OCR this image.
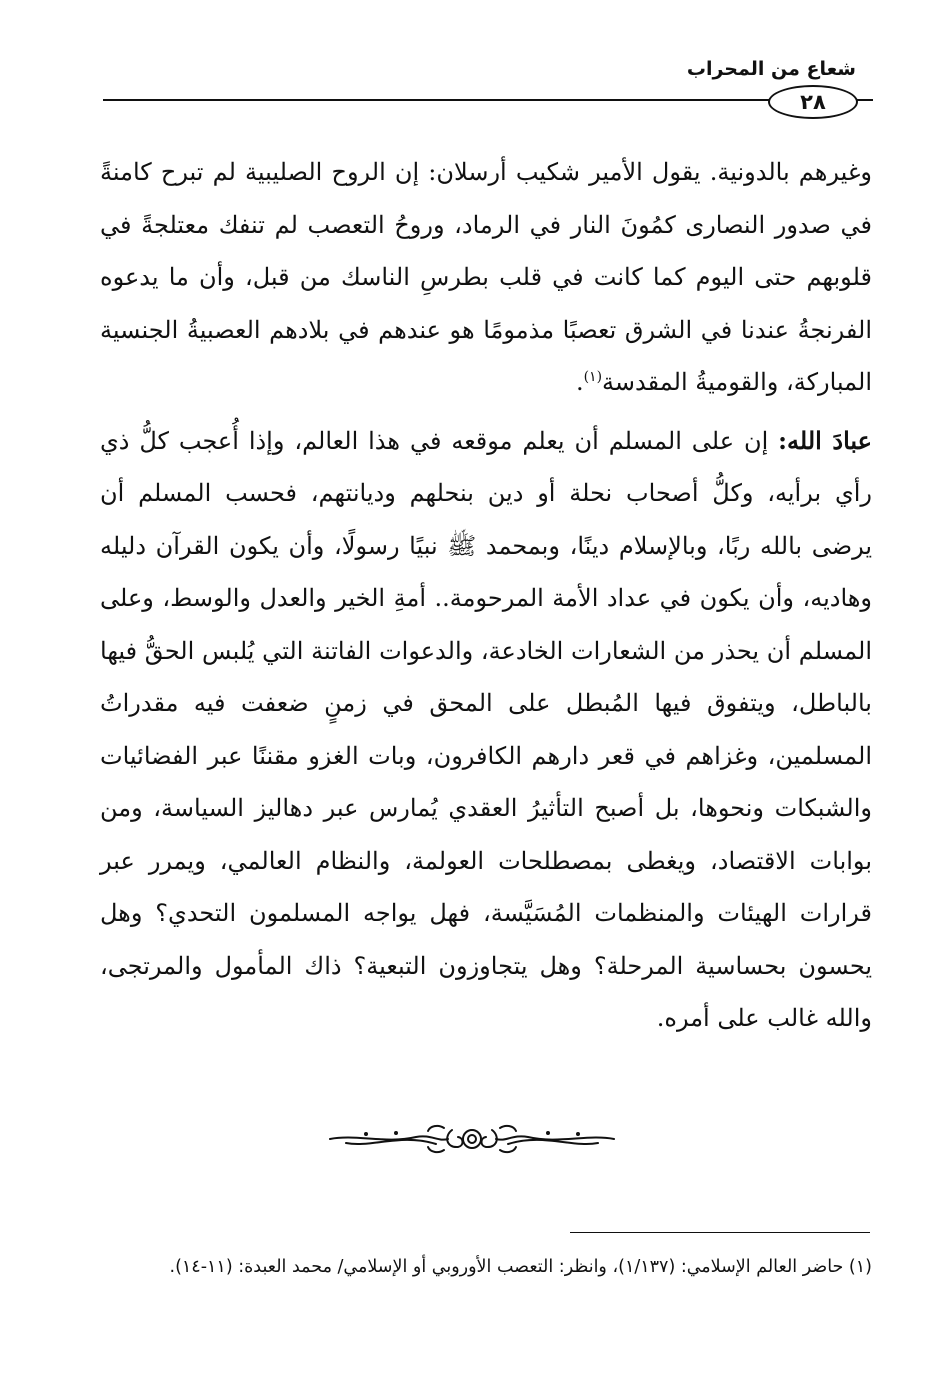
شعاع من المحراب
٢٨

وغيرهم بالدونية. يقول الأمير شكيب أرسلان: إن الروح الصليبية لم تبرح كامنةً في صدور النصارى كمُونَ النار في الرماد، وروحُ التعصب لم تنفك معتلجةً في قلوبهم حتى اليوم كما كانت في قلب بطرسِ الناسك من قبل، وأن ما يدعوه الفرنجةُ عندنا في الشرق تعصبًا مذمومًا هو عندهم في بلادهم العصبيةُ الجنسية المباركة، والقوميةُ المقدسة$^{(١)}$.

عبادَ الله: إن على المسلم أن يعلم موقعه في هذا العالم، وإذا أُعجب كلُّ ذي رأي برأيه، وكلُّ أصحاب نحلة أو دين بنحلهم وديانتهم، فحسب المسلم أن يرضى بالله ربًا، وبالإسلام دينًا، وبمحمد ﷺ نبيًا رسولًا، وأن يكون القرآن دليله وهاديه، وأن يكون في عداد الأمة المرحومة.. أمةِ الخير والعدل والوسط، وعلى المسلم أن يحذر من الشعارات الخادعة، والدعوات الفاتنة التي يُلبس الحقُّ فيها بالباطل، ويتفوق فيها المُبطل على المحق في زمنٍ ضعفت فيه مقدراتُ المسلمين، وغزاهم في قعر دارهم الكافرون، وبات الغزو مقننًا عبر الفضائيات والشبكات ونحوها، بل أصبح التأثيرُ العقدي يُمارس عبر دهاليز السياسة، ومن بوابات الاقتصاد، ويغطى بمصطلحات العولمة، والنظام العالمي، ويمرر عبر قرارات الهيئات والمنظمات المُسَيَّسة، فهل يواجه المسلمون التحدي؟ وهل يحسون بحساسية المرحلة؟ وهل يتجاوزون التبعية؟ ذاك المأمول والمرتجى، والله غالب على أمره.

(١) حاضر العالم الإسلامي: (١/١٣٧)، وانظر: التعصب الأوروبي أو الإسلامي/ محمد العبدة: (١١-١٤).
